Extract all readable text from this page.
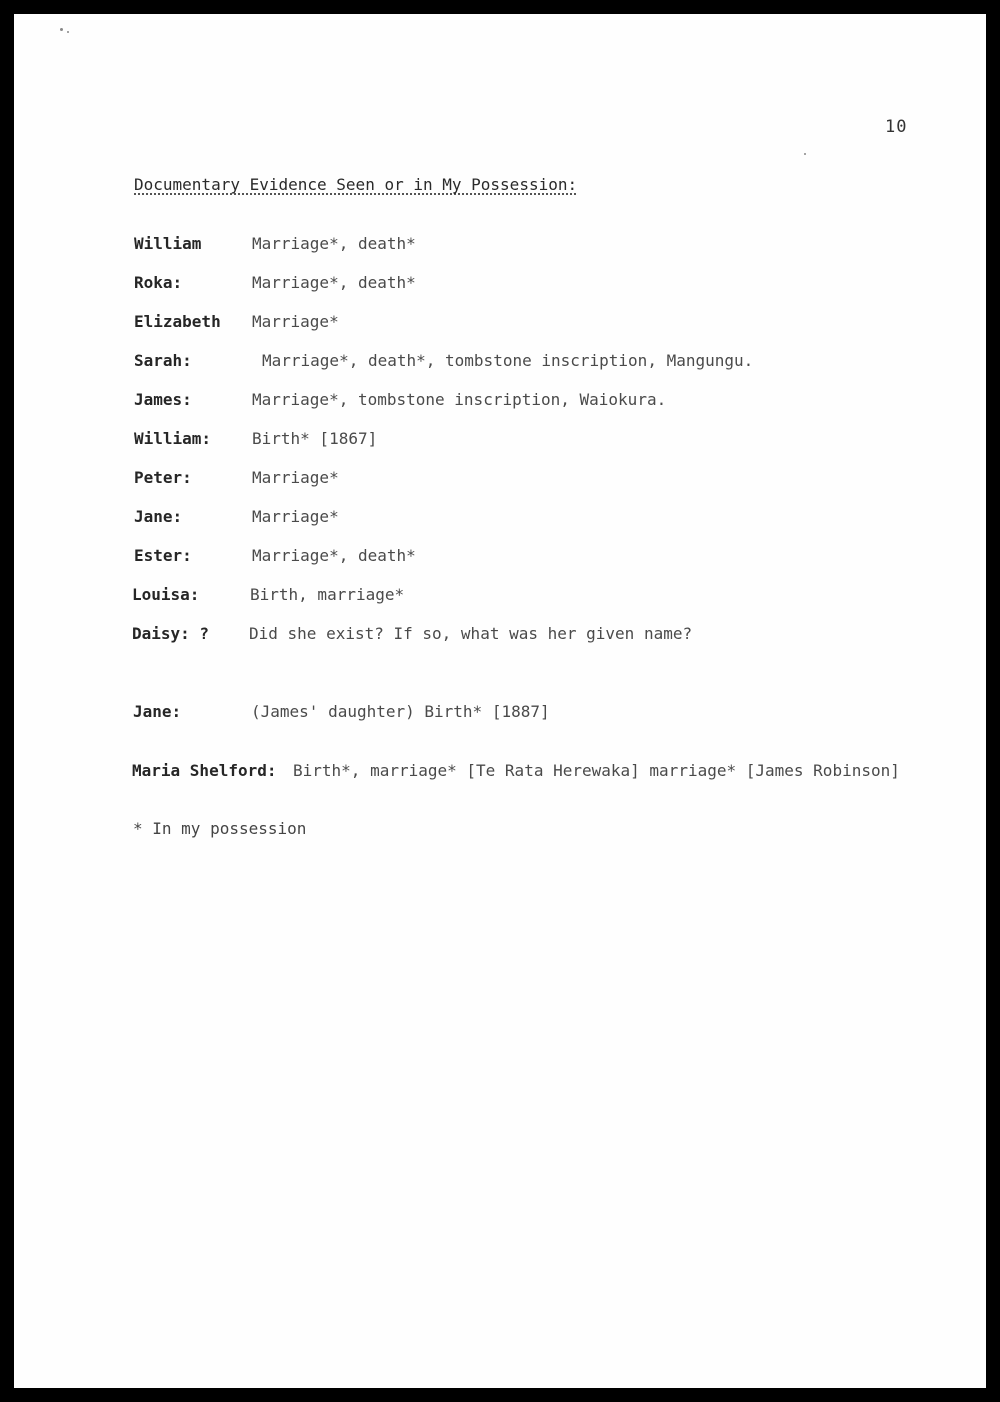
10
Documentary Evidence Seen or in My Possession:
William	Marriage*, death*
Roka:	Marriage*, death*
Elizabeth Marriage*
Sarah:	Marriage*, death*, tombstone inscription, Mangungu.
James:	Marriage*, tombstone inscription, Waiokura.
William:	Birth* [1867]
Peter:	Marriage*
Jane:	Marriage*
Ester:	Marriage*, death*
Louisa:	Birth, marriage*
Daisy: ? Did she exist? If so, what was her given name?
Jane:	(James' daughter) Birth* [1887]
Maria Shelford: Birth*, marriage* [Te Rata Herewaka] marriage* [James Robinson]
* In my possession
